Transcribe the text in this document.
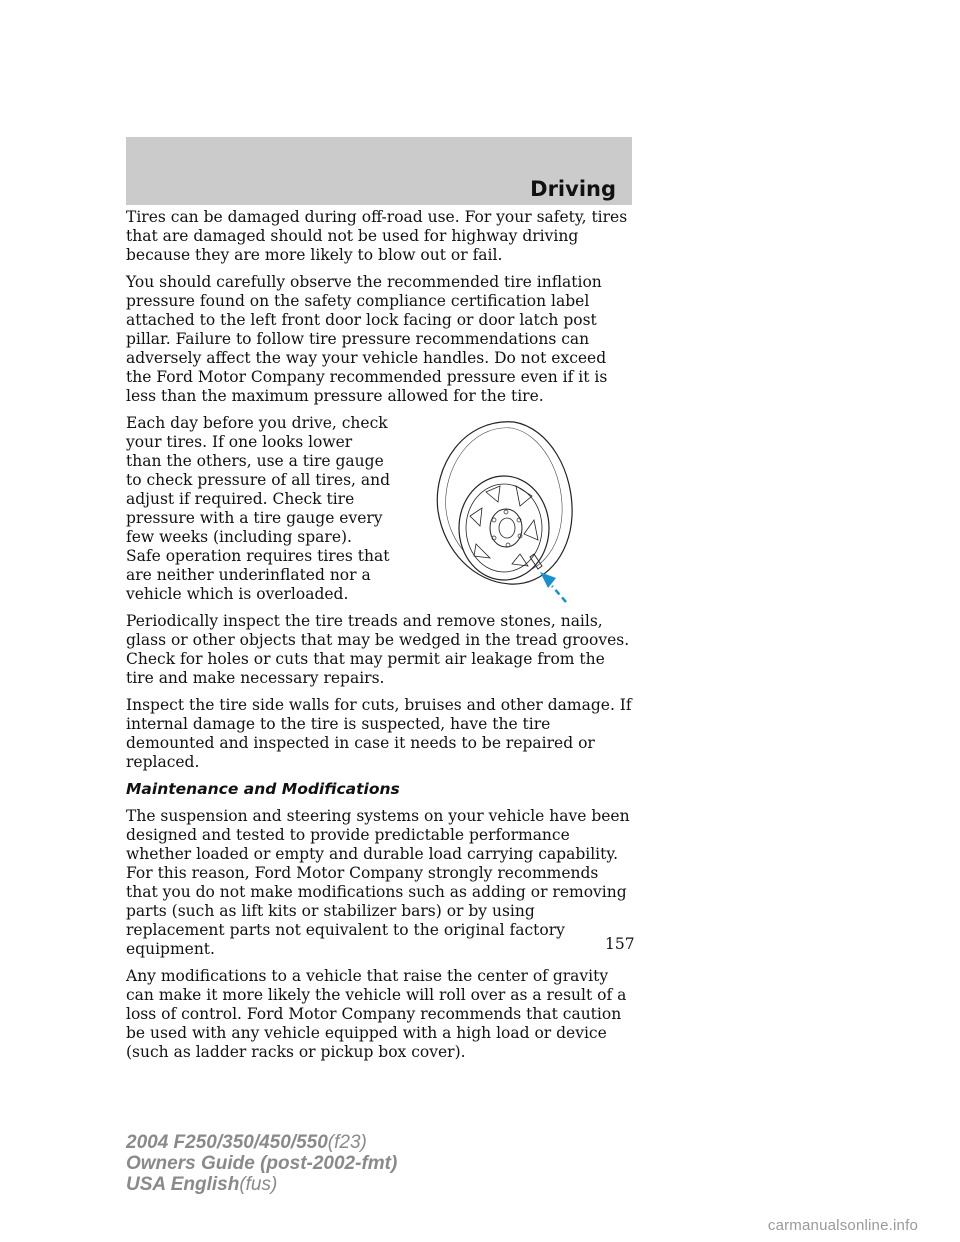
Driving

Tires can be damaged during off-road use. For your safety, tires that are damaged should not be used for highway driving because they are more likely to blow out or fail.

You should carefully observe the recommended tire inflation pressure found on the safety compliance certification label attached to the left front door lock facing or door latch post pillar. Failure to follow tire pressure recommendations can adversely affect the way your vehicle handles. Do not exceed the Ford Motor Company recommended pressure even if it is less than the maximum pressure allowed for the tire.

Each day before you drive, check your tires. If one looks lower than the others, use a tire gauge to check pressure of all tires, and adjust if required. Check tire pressure with a tire gauge every few weeks (including spare). Safe operation requires tires that are neither underinflated nor a vehicle which is overloaded.

Periodically inspect the tire treads and remove stones, nails, glass or other objects that may be wedged in the tread grooves. Check for holes or cuts that may permit air leakage from the tire and make necessary repairs.

Inspect the tire side walls for cuts, bruises and other damage. If internal damage to the tire is suspected, have the tire demounted and inspected in case it needs to be repaired or replaced.

Maintenance and Modifications

The suspension and steering systems on your vehicle have been designed and tested to provide predictable performance whether loaded or empty and durable load carrying capability. For this reason, Ford Motor Company strongly recommends that you do not make modifications such as adding or removing parts (such as lift kits or stabilizer bars) or by using replacement parts not equivalent to the original factory equipment.

Any modifications to a vehicle that raise the center of gravity can make it more likely the vehicle will roll over as a result of a loss of control. Ford Motor Company recommends that caution be used with any vehicle equipped with a high load or device (such as ladder racks or pickup box cover).

157
2004 F250/350/450/550(f23)
Owners Guide (post-2002-fmt)
USA English(fus)
carmanualsonline.info
